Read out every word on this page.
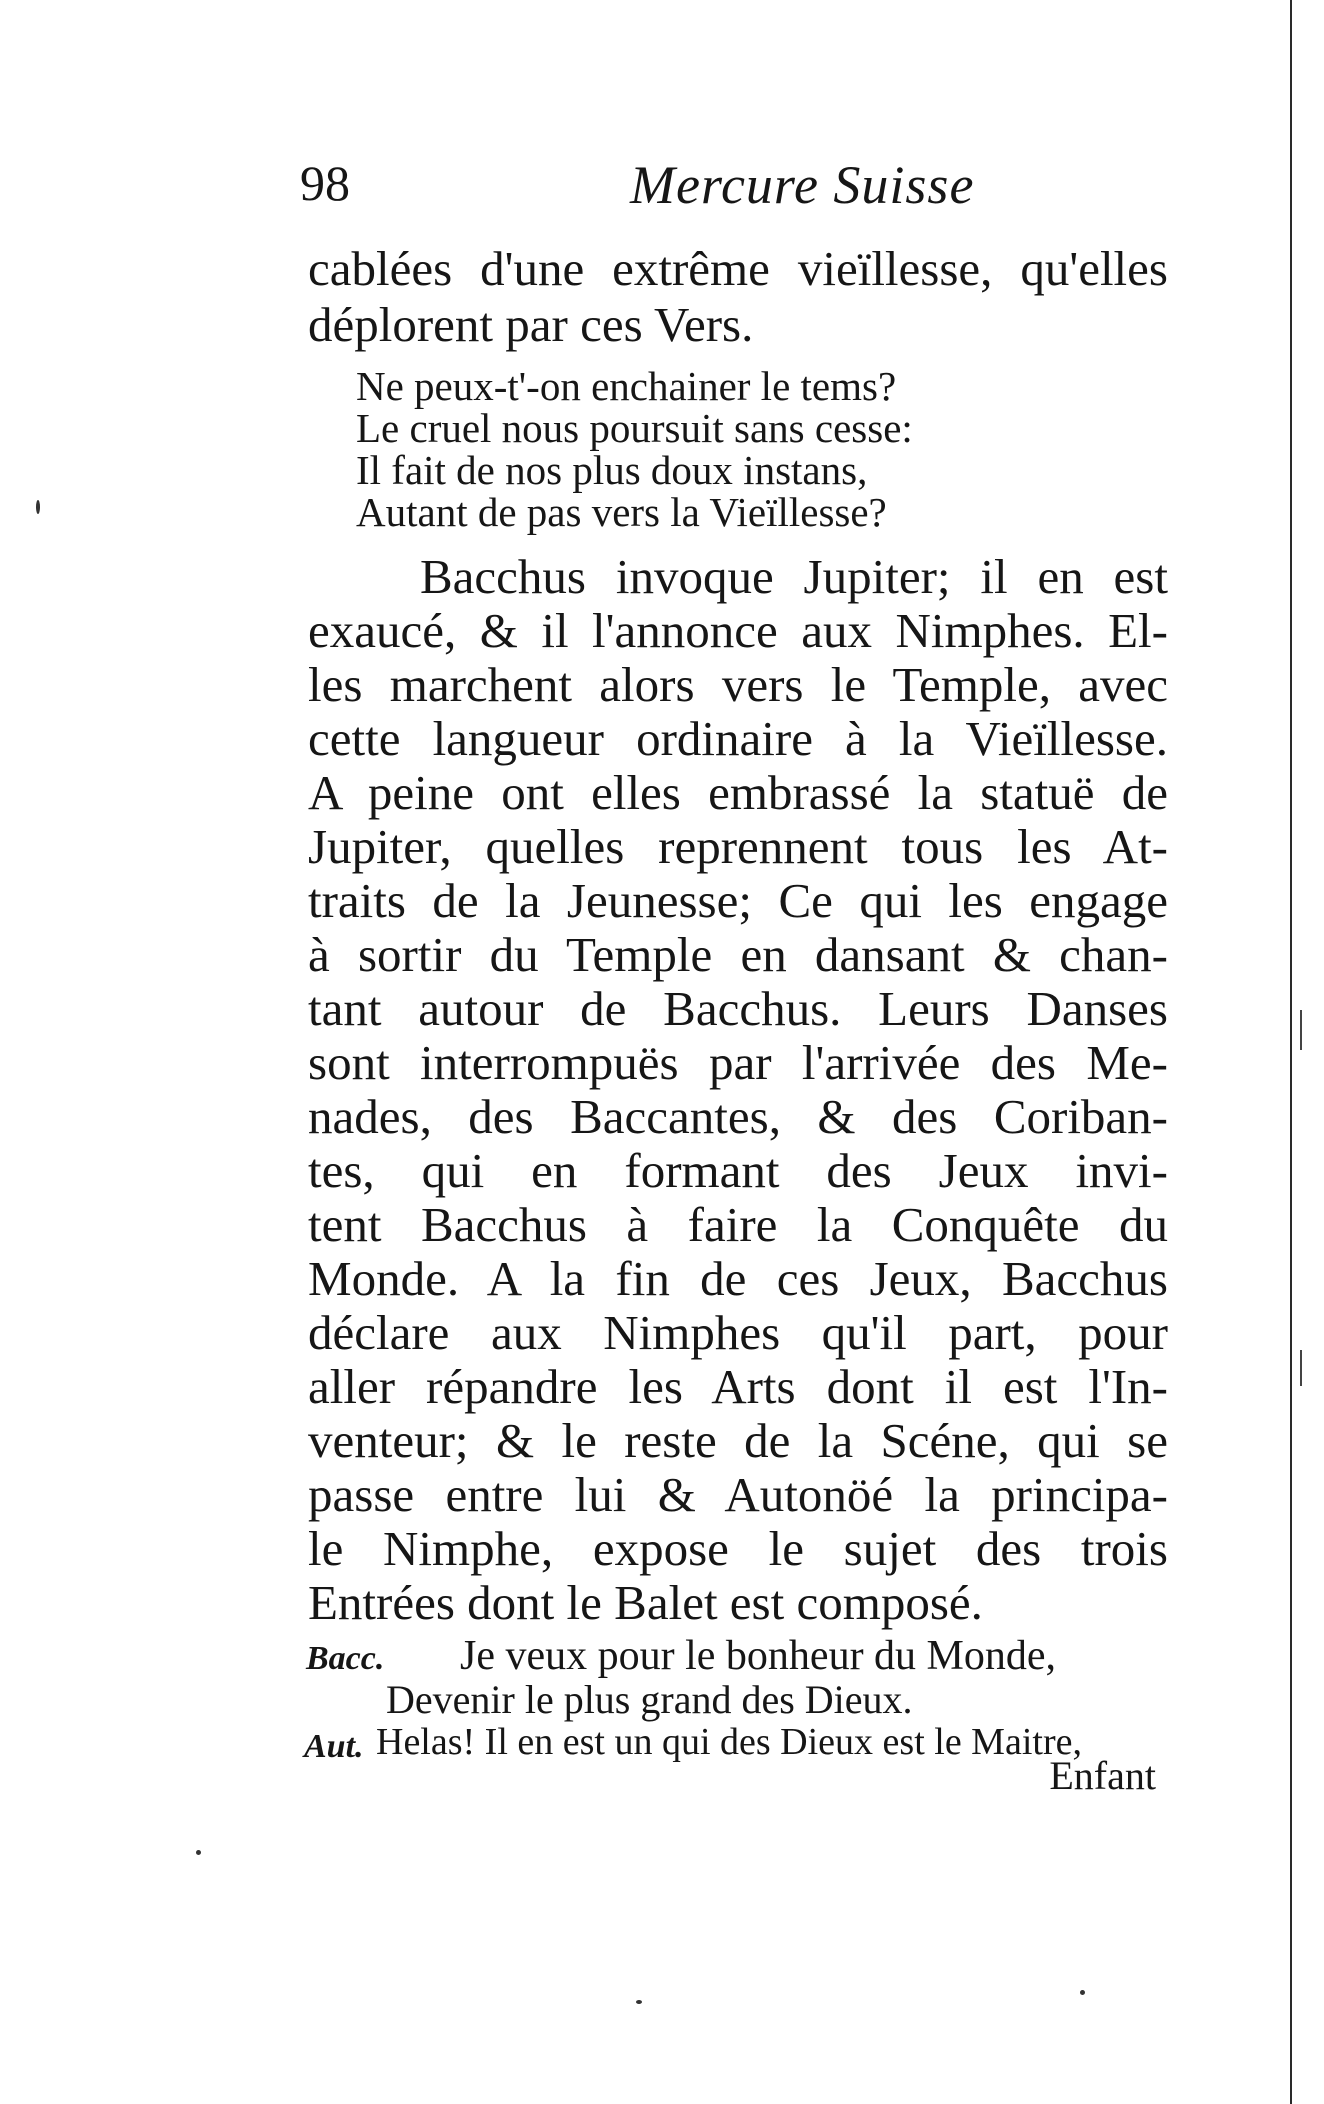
98	Mercure Suisse
cablées d'une extrême vieïllesse, qu'elles
déplorent par ces Vers.
Ne peux-t'-on enchainer le tems?
Le cruel nous poursuit sans cesse:
Il fait de nos plus doux instans,
Autant de pas vers la Vieïllesse?
Bacchus invoque Jupiter; il en est
exaucé, & il l'annonce aux Nimphes. El-
les marchent alors vers le Temple, avec
cette langueur ordinaire à la Vieïllesse.
A peine ont elles embrassé la statuë de
Jupiter, quelles reprennent tous les At-
traits de la Jeunesse; Ce qui les engage
à sortir du Temple en dansant & chan-
tant autour de Bacchus. Leurs Danses
sont interrompuës par l'arrivée des Me-
nades, des Baccantes, & des Coriban-
tes, qui en formant des Jeux invi-
tent Bacchus à faire la Conquête du
Monde. A la fin de ces Jeux, Bacchus
déclare aux Nimphes qu'il part, pour
aller répandre les Arts dont il est l'In-
venteur; & le reste de la Scéne, qui se
passe entre lui & Autonöé la principa-
le Nimphe, expose le sujet des trois
Entrées dont le Balet est composé.
Bacc. Je veux pour le bonheur du Monde,
Devenir le plus grand des Dieux.
Aut. Helas! Il en est un qui des Dieux est le Maitre,
Enfant
